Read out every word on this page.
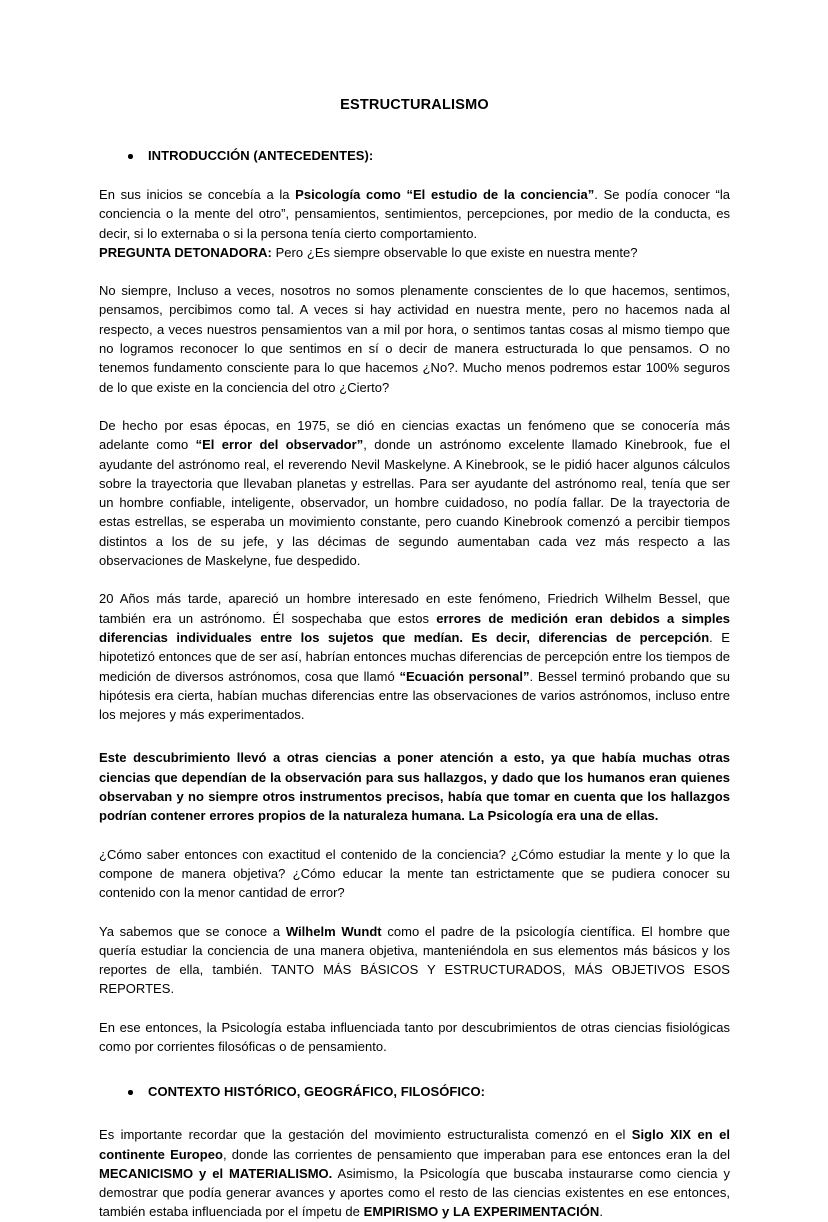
ESTRUCTURALISMO
INTRODUCCIÓN (ANTECEDENTES):

En sus inicios se concebía a la Psicología como “El estudio de la conciencia”. Se podía conocer “la conciencia o la mente del otro”, pensamientos, sentimientos, percepciones, por medio de la conducta, es decir, si lo externaba o si la persona tenía cierto comportamiento.

PREGUNTA DETONADORA: Pero ¿Es siempre observable lo que existe en nuestra mente?

No siempre, Incluso a veces, nosotros no somos plenamente conscientes de lo que hacemos, sentimos, pensamos, percibimos como tal. A veces si hay actividad en nuestra mente, pero no hacemos nada al respecto, a veces nuestros pensamientos van a mil por hora, o sentimos tantas cosas al mismo tiempo que no logramos reconocer lo que sentimos en sí o decir de manera estructurada lo que pensamos. O no tenemos fundamento consciente para lo que hacemos ¿No?. Mucho menos podremos estar 100% seguros de lo que existe en la conciencia del otro ¿Cierto?

De hecho por esas épocas, en 1975, se dió en ciencias exactas un fenómeno que se conocería más adelante como “El error del observador”, donde un astrónomo excelente llamado Kinebrook, fue el ayudante del astrónomo real, el reverendo Nevil Maskelyne. A Kinebrook, se le pidió hacer algunos cálculos sobre la trayectoria que llevaban planetas y estrellas. Para ser ayudante del astrónomo real, tenía que ser un hombre confiable, inteligente, observador, un hombre cuidadoso, no podía fallar. De la trayectoria de estas estrellas, se esperaba un movimiento constante, pero cuando Kinebrook comenzó a percibir tiempos distintos a los de su jefe, y las décimas de segundo aumentaban cada vez más respecto a las observaciones de Maskelyne, fue despedido.

20 Años más tarde, apareció un hombre interesado en este fenómeno, Friedrich Wilhelm Bessel, que también era un astrónomo. Él sospechaba que estos errores de medición eran debidos a simples diferencias individuales entre los sujetos que medían. Es decir, diferencias de percepción. E hipotetizó entonces que de ser así, habrían entonces muchas diferencias de percepción entre los tiempos de medición de diversos astrónomos, cosa que llamó “Ecuación personal”. Bessel terminó probando que su hipótesis era cierta, habían muchas diferencias entre las observaciones de varios astrónomos, incluso entre los mejores y más experimentados.

Este descubrimiento llevó a otras ciencias a poner atención a esto, ya que había muchas otras ciencias que dependían de la observación para sus hallazgos, y dado que los humanos eran quienes observaban y no siempre otros instrumentos precisos, había que tomar en cuenta que los hallazgos podrían contener errores propios de la naturaleza humana. La Psicología era una de ellas.

¿Cómo saber entonces con exactitud el contenido de la conciencia? ¿Cómo estudiar la mente y lo que la compone de manera objetiva? ¿Cómo educar la mente tan estrictamente que se pudiera conocer su contenido con la menor cantidad de error?

Ya sabemos que se conoce a Wilhelm Wundt como el padre de la psicología científica. El hombre que quería estudiar la conciencia de una manera objetiva, manteniéndola en sus elementos más básicos y los reportes de ella, también. TANTO MÁS BÁSICOS Y ESTRUCTURADOS, MÁS OBJETIVOS ESOS REPORTES.

En ese entonces, la Psicología estaba influenciada tanto por descubrimientos de otras ciencias fisiológicas como por corrientes filosóficas o de pensamiento.

CONTEXTO HISTÓRICO, GEOGRÁFICO, FILOSÓFICO:

Es importante recordar que la gestación del movimiento estructuralista comenzó en el Siglo XIX en el continente Europeo, donde las corrientes de pensamiento que imperaban para ese entonces eran la del MECANICISMO y el MATERIALISMO. Asimismo, la Psicología que buscaba instaurarse como ciencia y demostrar que podía generar avances y aportes como el resto de las ciencias existentes en ese entonces, también estaba influenciada por el ímpetu de EMPIRISMO y LA EXPERIMENTACIÓN.
